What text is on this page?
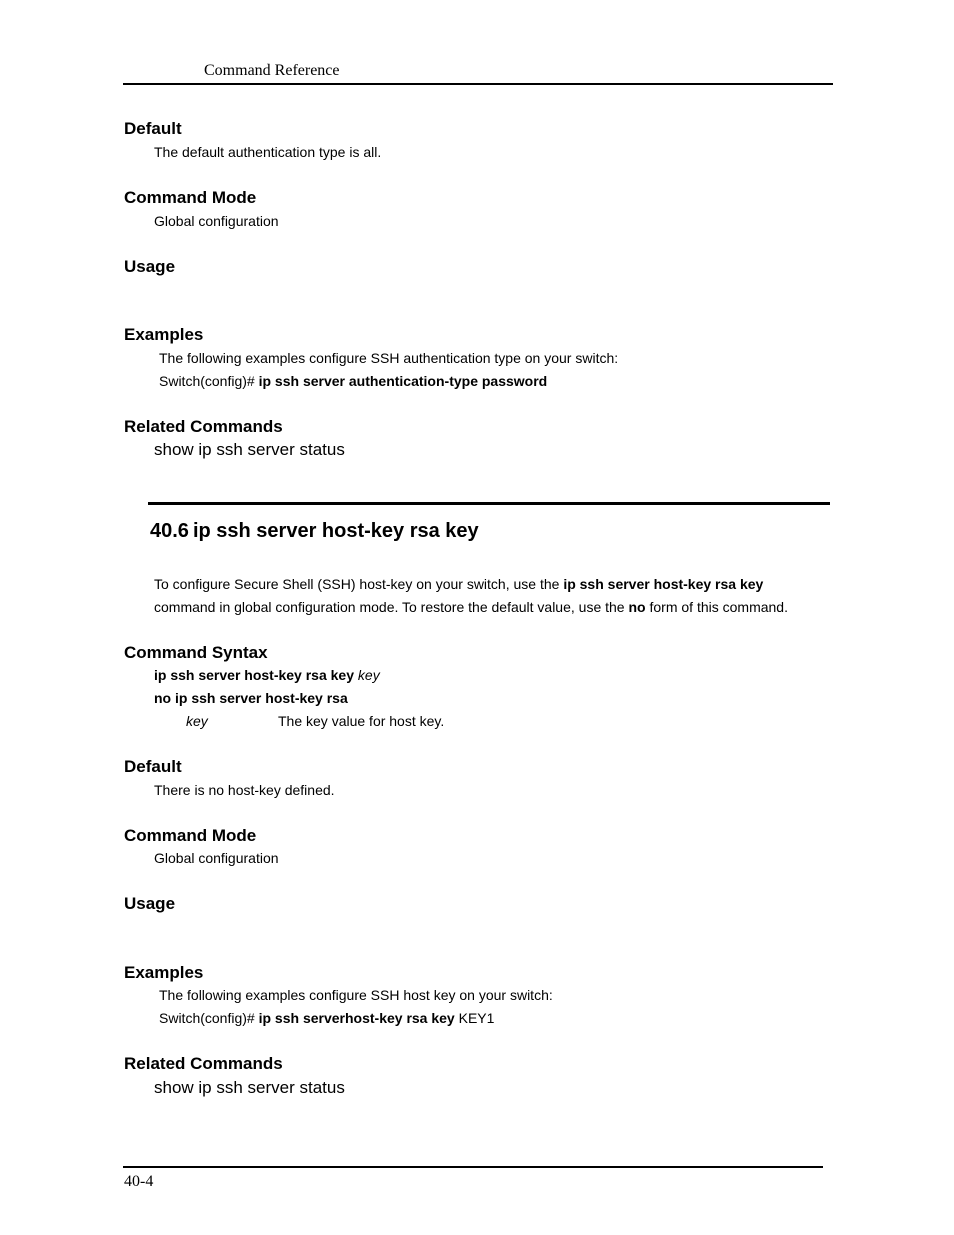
Command Reference
Default
The default authentication type is all.
Command Mode
Global configuration
Usage
Examples
The following examples configure SSH authentication type on your switch:
Switch(config)# ip ssh server authentication-type password
Related Commands
show ip ssh server status
40.6 ip ssh server host-key rsa key
To configure Secure Shell (SSH) host-key on your switch, use the ip ssh server host-key rsa key
command in global configuration mode. To restore the default value, use the no form of this command.
Command Syntax
ip ssh server host-key rsa key key
no ip ssh server host-key rsa
key	The key value for host key.
Default
There is no host-key defined.
Command Mode
Global configuration
Usage
Examples
The following examples configure SSH host key on your switch:
Switch(config)# ip ssh serverhost-key rsa key KEY1
Related Commands
show ip ssh server status
40-4
